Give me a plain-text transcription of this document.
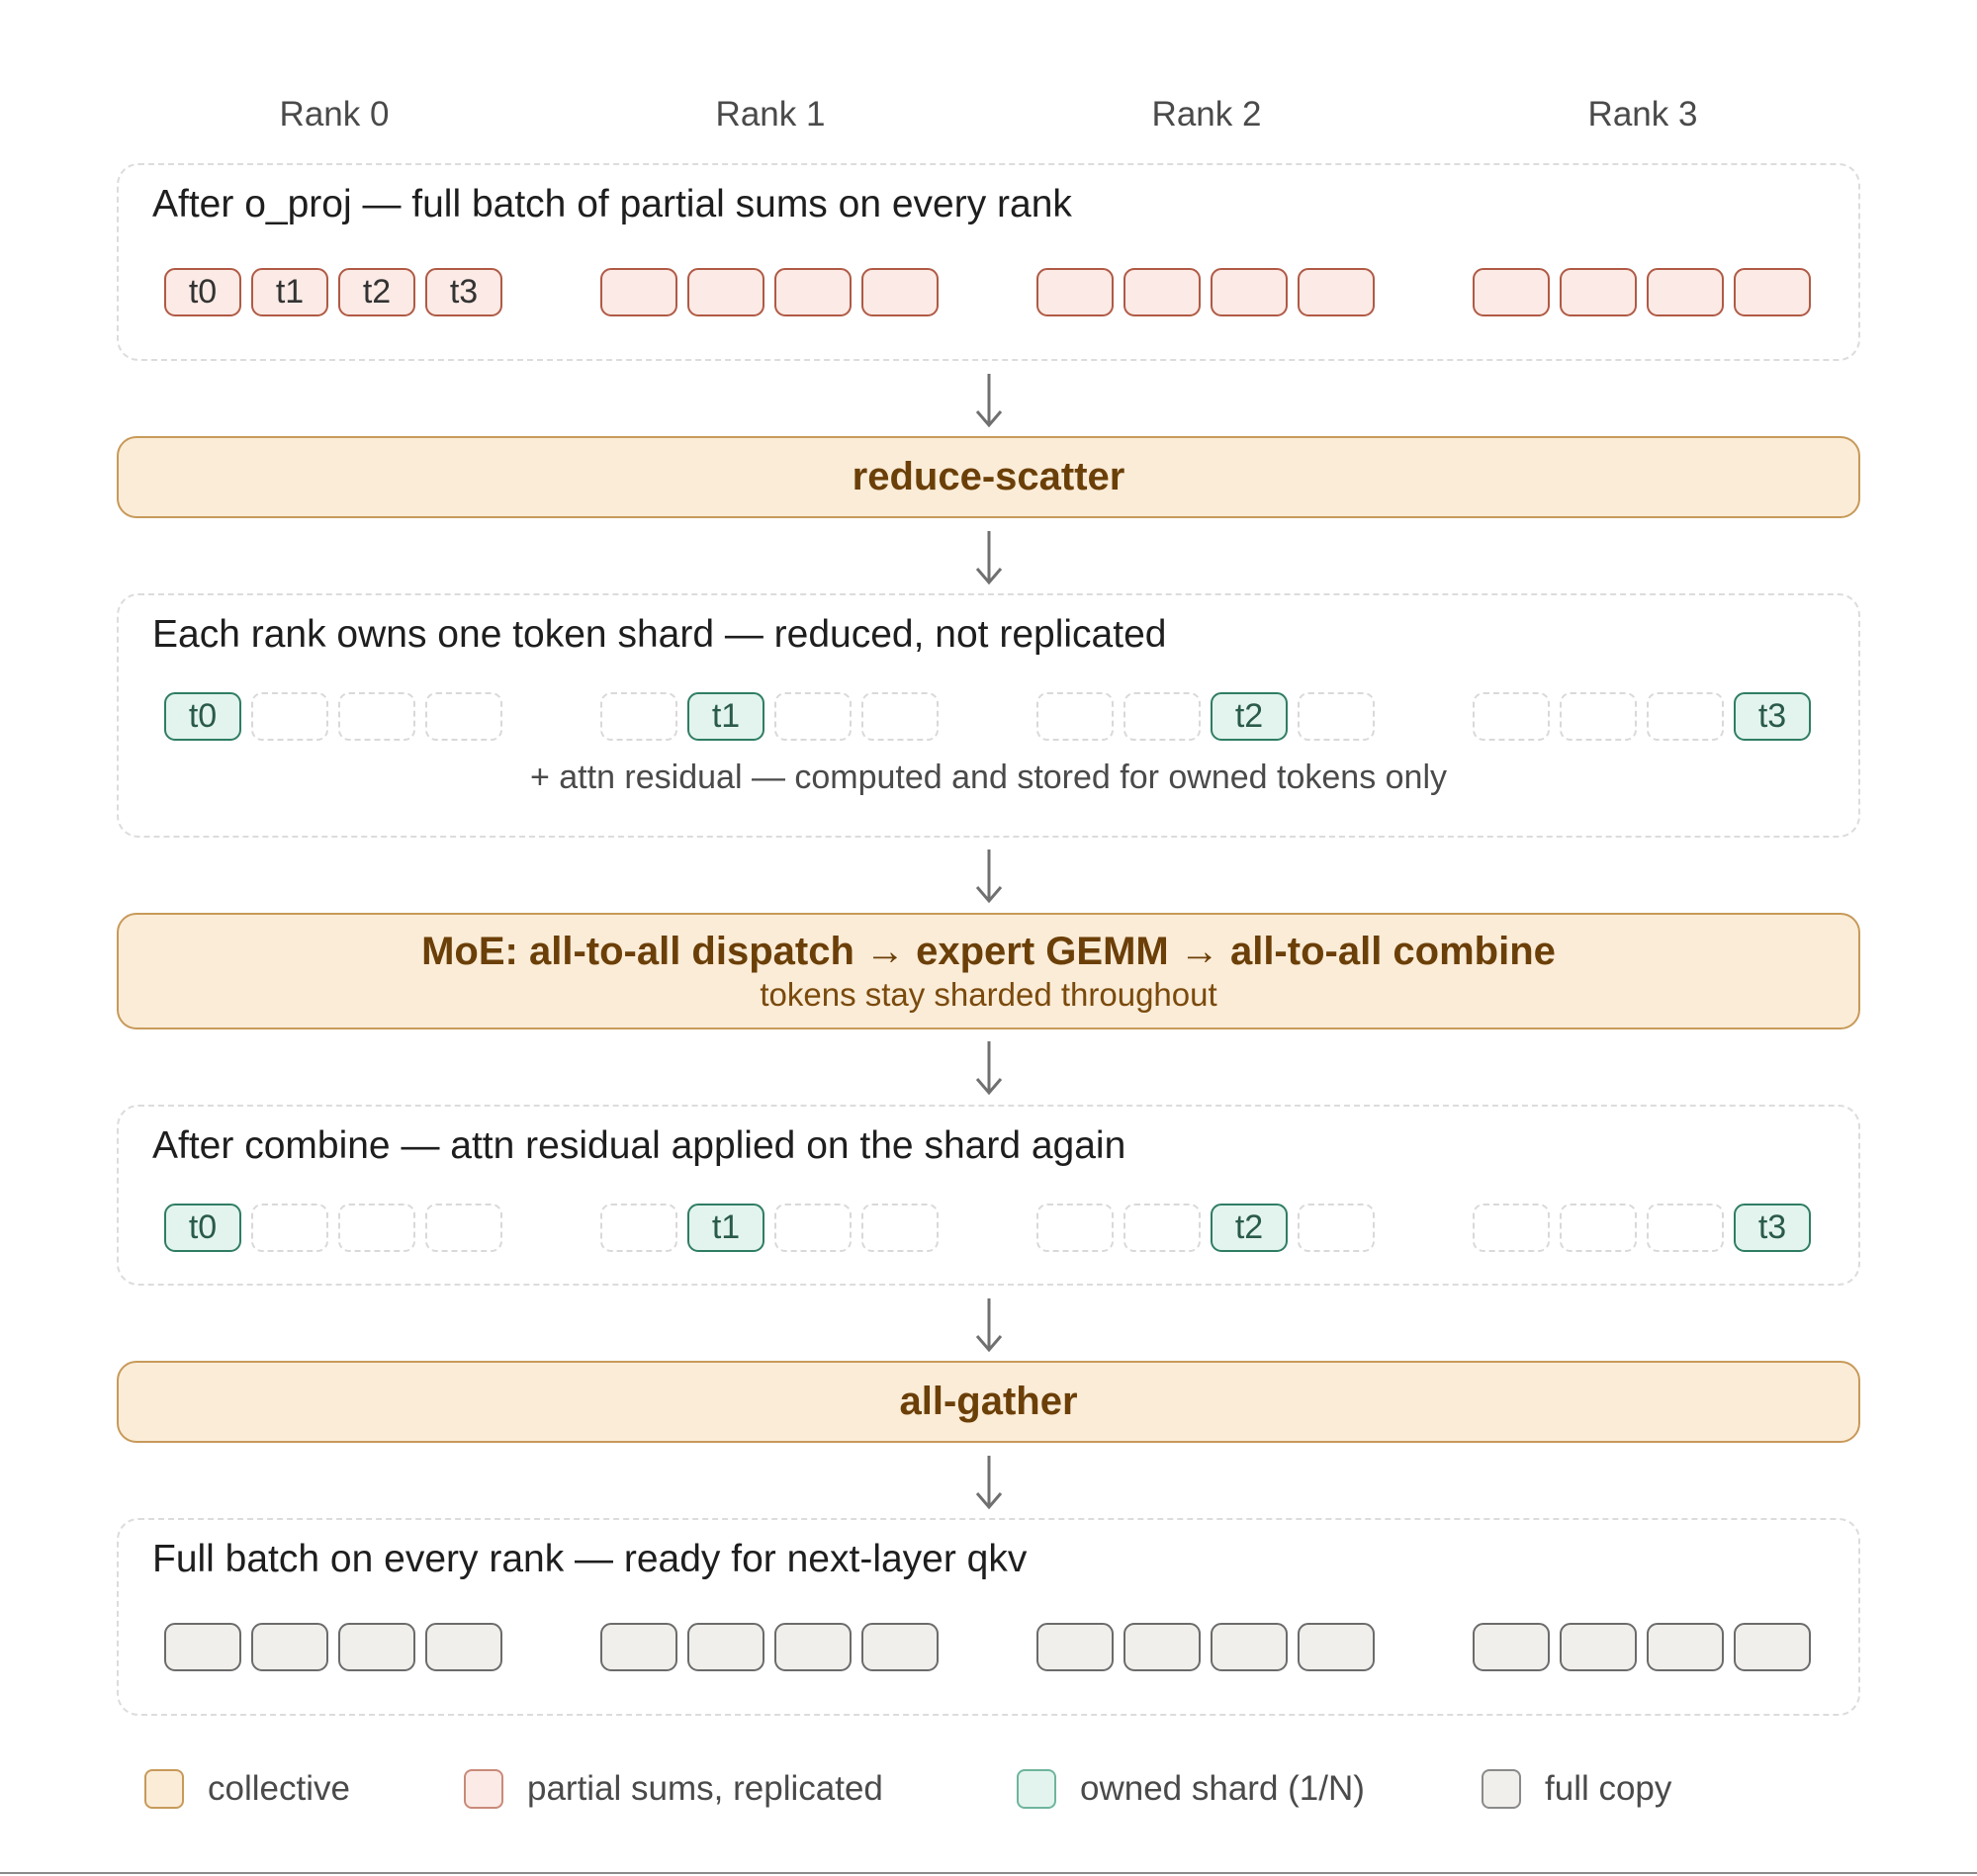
Rank 0	Rank 1	Rank 2	Rank 3
After o_proj — full batch of partial sums on every rank
t0	t1	t2	t3
reduce-scatter
Each rank owns one token shard — reduced, not replicated
+ attn residual — computed and stored for owned tokens only
t0	t1	t2	t3
MoE: all-to-all dispatch → expert GEMM → all-to-all combine
tokens stay sharded throughout
After combine — attn residual applied on the shard again
t0	t1	t2	t3
all-gather
Full batch on every rank — ready for next-layer qkv
collective	partial sums, replicated	owned shard (1/N)	full copy
